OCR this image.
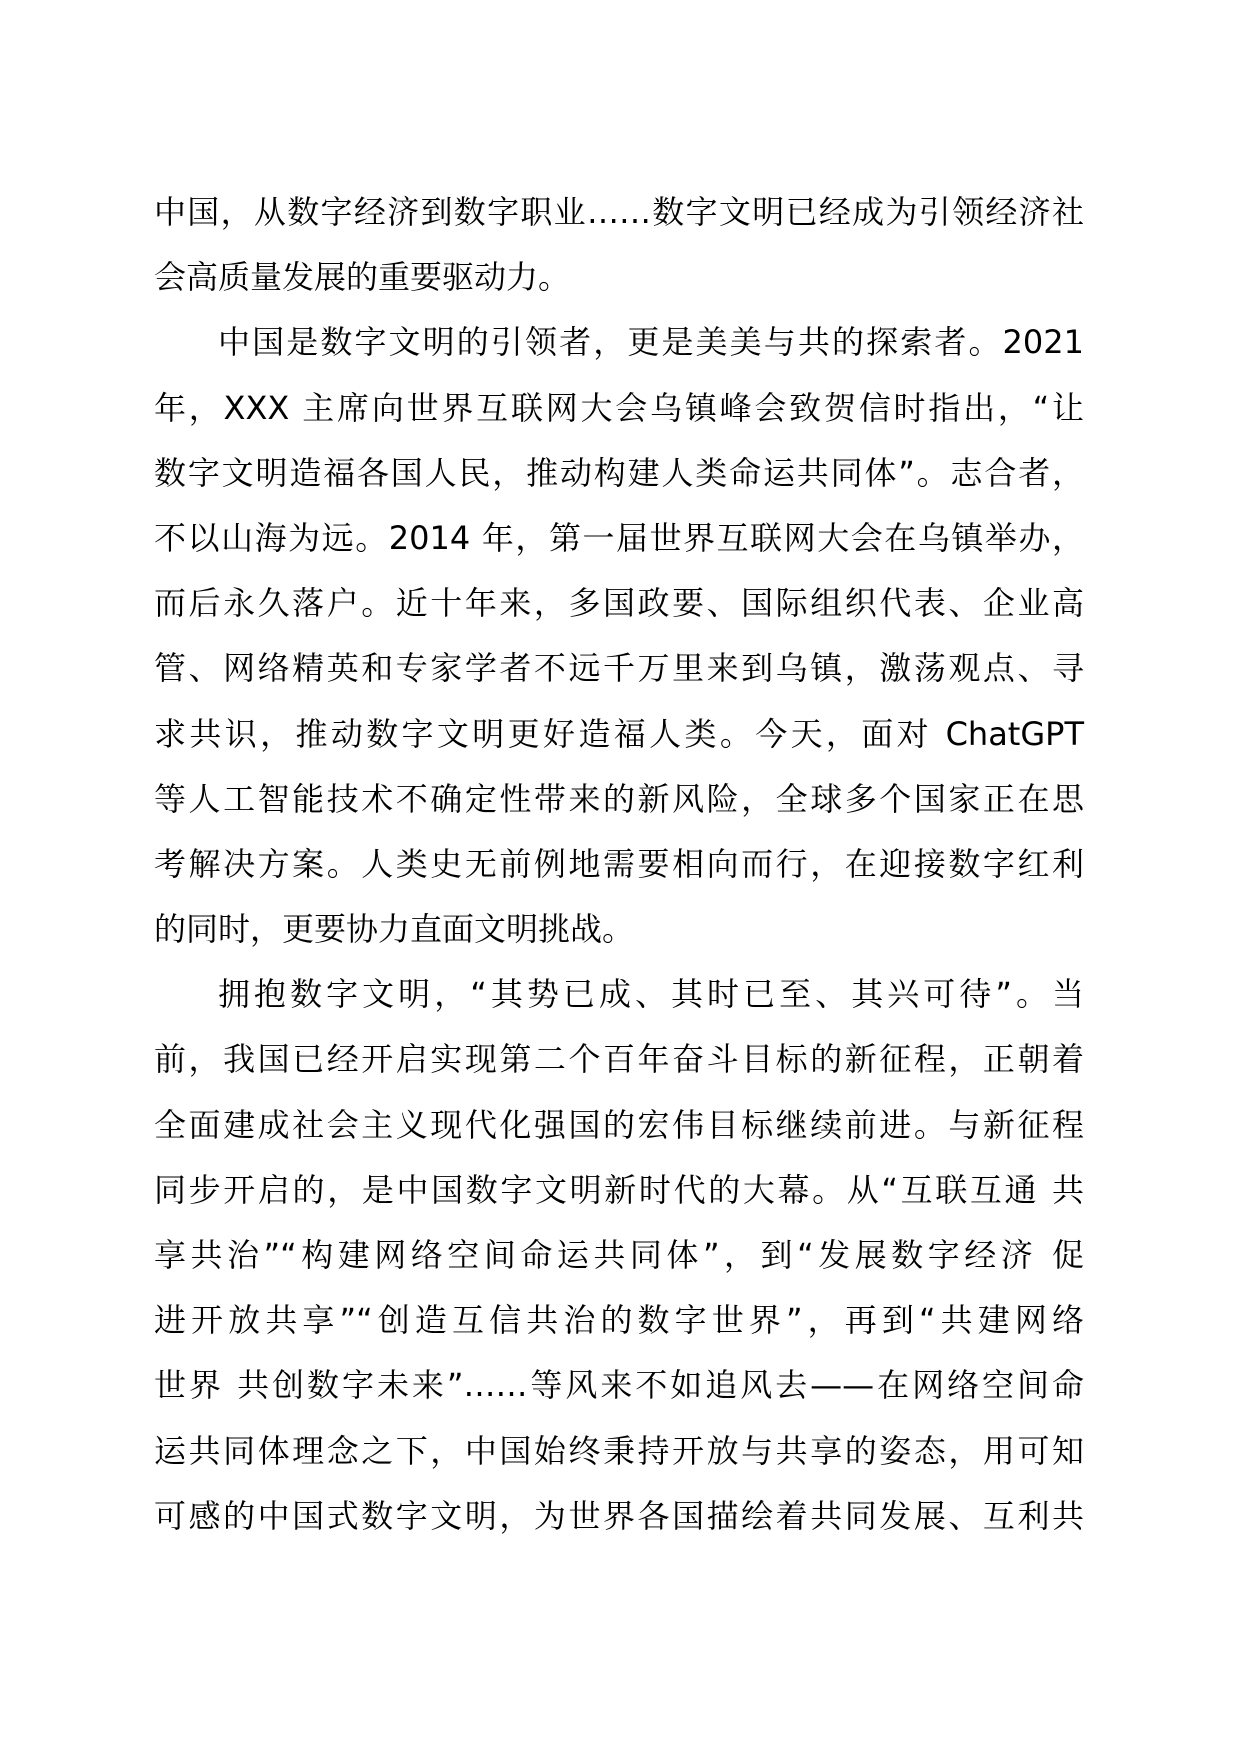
中国，从数字经济到数字职业……数字文明已经成为引领经济社
会高质量发展的重要驱动力。
中国是数字文明的引领者，更是美美与共的探索者。2021
年，XXX 主席向世界互联网大会乌镇峰会致贺信时指出，“让
数字文明造福各国人民，推动构建人类命运共同体”。志合者，
不以山海为远。2014 年，第一届世界互联网大会在乌镇举办，
而后永久落户。近十年来，多国政要、国际组织代表、企业高
管、网络精英和专家学者不远千万里来到乌镇，激荡观点、寻
求共识，推动数字文明更好造福人类。今天，面对 ChatGPT
等人工智能技术不确定性带来的新风险，全球多个国家正在思
考解决方案。人类史无前例地需要相向而行，在迎接数字红利
的同时，更要协力直面文明挑战。
拥抱数字文明，“其势已成、其时已至、其兴可待”。当
前，我国已经开启实现第二个百年奋斗目标的新征程，正朝着
全面建成社会主义现代化强国的宏伟目标继续前进。与新征程
同步开启的，是中国数字文明新时代的大幕。从“互联互通 共
享共治”“构建网络空间命运共同体”，到“发展数字经济 促
进开放共享”“创造互信共治的数字世界”，再到“共建网络
世界 共创数字未来”……等风来不如追风去——在网络空间命
运共同体理念之下，中国始终秉持开放与共享的姿态，用可知
可感的中国式数字文明，为世界各国描绘着共同发展、互利共
